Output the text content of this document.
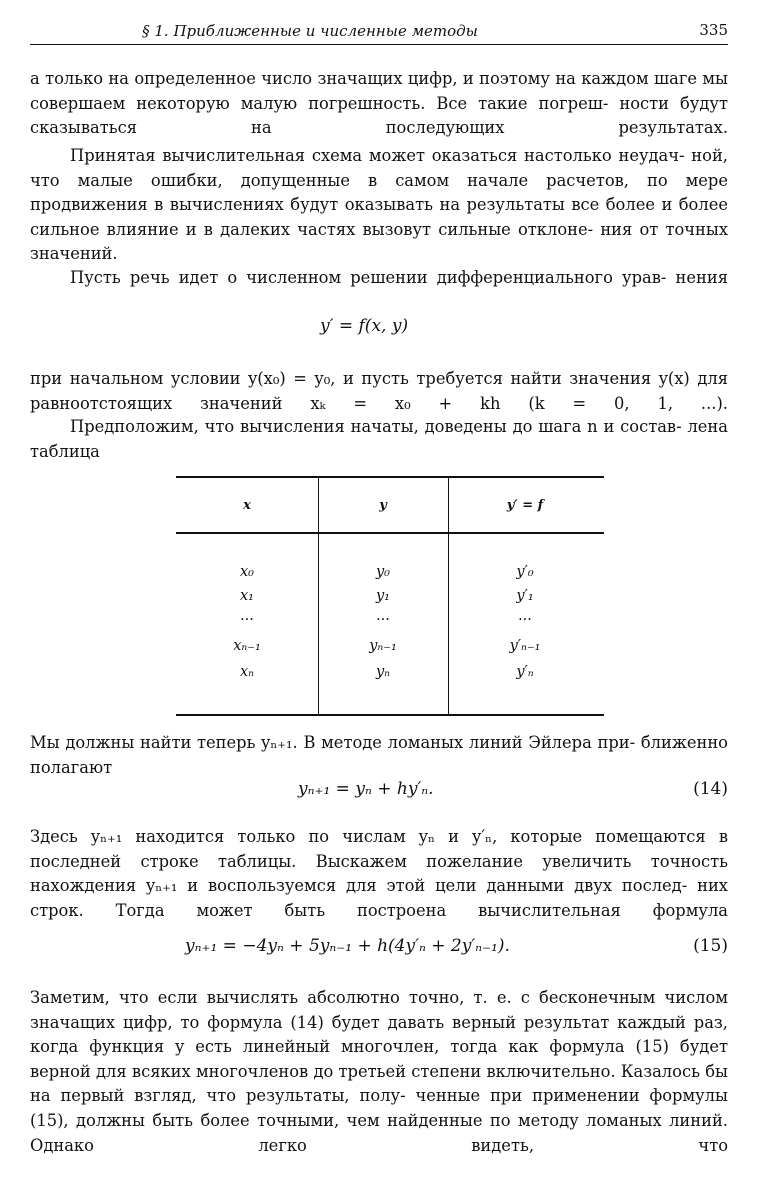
§ 1. Приближенные и численные методы	335

а только на определенное число значащих цифр, и поэтому на каждом шаге мы совершаем некоторую малую погрешность. Все такие погреш- ности будут сказываться на последующих результатах.

Принятая вычислительная схема может оказаться настолько неудач- ной, что малые ошибки, допущенные в самом начале расчетов, по мере продвижения в вычислениях будут оказывать на результаты все более и более сильное влияние и в далеких частях вызовут сильные отклоне- ния от точных значений.

Пусть речь идет о численном решении дифференциального урав- нения

y′ = f(x, y)

при начальном условии y(x₀) = y₀, и пусть требуется найти значения y(x) для равноотстоящих значений xₖ = x₀ + kh (k = 0, 1, ...).

Предположим, что вычисления начаты, доведены до шага n и состав- лена таблица

x	y	y′ = f
x₀	y₀	y′₀
x₁	y₁	y′₁
···	···	···
xₙ₋₁	yₙ₋₁	y′ₙ₋₁
xₙ	yₙ	y′ₙ

Мы должны найти теперь yₙ₊₁. В методе ломаных линий Эйлера при- ближенно полагают

yₙ₊₁ = yₙ + hy′ₙ.	(14)

Здесь yₙ₊₁ находится только по числам yₙ и y′ₙ, которые помещаются в последней строке таблицы. Выскажем пожелание увеличить точность нахождения yₙ₊₁ и воспользуемся для этой цели данными двух послед- них строк. Тогда может быть построена вычислительная формула

yₙ₊₁ = −4yₙ + 5yₙ₋₁ + h(4y′ₙ + 2y′ₙ₋₁).	(15)

Заметим, что если вычислять абсолютно точно, т. е. с бесконечным числом значащих цифр, то формула (14) будет давать верный результат каждый раз, когда функция y есть линейный многочлен, тогда как формула (15) будет верной для всяких многочленов до третьей степени включительно. Казалось бы на первый взгляд, что результаты, полу- ченные при применении формулы (15), должны быть более точными, чем найденные по методу ломаных линий. Однако легко видеть, что
